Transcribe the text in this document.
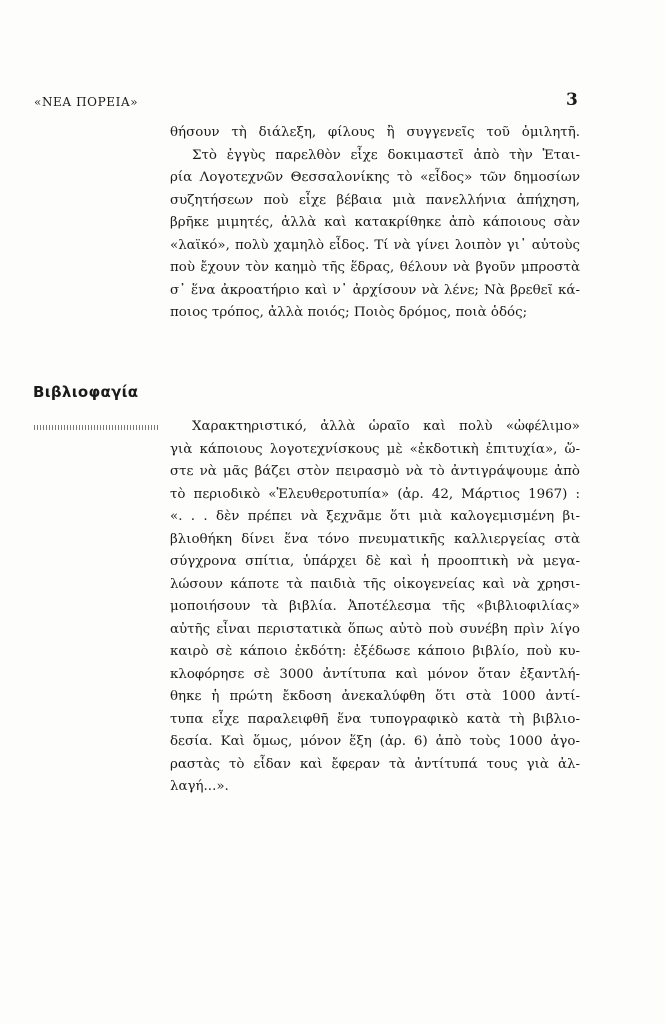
«ΝΕΑ ΠΟΡΕΙΑ»	3
θήσουν τὴ διάλεξη, φίλους ἢ συγγενεῖς τοῦ ὁμιλητῆ.
Στὸ ἐγγὺς παρελθὸν εἶχε δοκιμαστεῖ ἀπὸ τὴν Ἑται-
ρία Λογοτεχνῶν Θεσσαλονίκης τὸ «εἶδος» τῶν δημοσίων
συζητήσεων ποὺ εἶχε βέβαια μιὰ πανελλήνια ἀπήχηση,
βρῆκε μιμητές, ἀλλὰ καὶ κατακρίθηκε ἀπὸ κάποιους σὰν
«λαϊκό», πολὺ χαμηλὸ εἶδος. Τί νὰ γίνει λοιπὸν γι᾽ αὐτοὺς
ποὺ ἔχουν τὸν καημὸ τῆς ἕδρας, θέλουν νὰ βγοῦν μπροστὰ
σ᾽ ἕνα ἀκροατήριο καὶ ν᾽ ἀρχίσουν νὰ λένε; Νὰ βρεθεῖ κά-
ποιος τρόπος, ἀλλὰ ποιός; Ποιὸς δρόμος, ποιὰ ὁδός;
Βιβλιοφαγία
Χαρακτηριστικό, ἀλλὰ ὡραῖο καὶ πολὺ «ὠφέλιμο»
γιὰ κάποιους λογοτεχνίσκους μὲ «ἐκδοτικὴ ἐπιτυχία», ὥ-
στε νὰ μᾶς βάζει στὸν πειρασμὸ νὰ τὸ ἀντιγράψουμε ἀπὸ
τὸ περιοδικὸ «Ἐλευθεροτυπία» (ἀρ. 42, Μάρτιος 1967) :
«. . . δὲν πρέπει νὰ ξεχνᾶμε ὅτι μιὰ καλογεμισμένη βι-
βλιοθήκη δίνει ἕνα τόνο πνευματικῆς καλλιεργείας στὰ
σύγχρονα σπίτια, ὑπάρχει δὲ καὶ ἡ προοπτικὴ νὰ μεγα-
λώσουν κάποτε τὰ παιδιὰ τῆς οἰκογενείας καὶ νὰ χρησι-
μοποιήσουν τὰ βιβλία. Ἀποτέλεσμα τῆς «βιβλιοφιλίας»
αὐτῆς εἶναι περιστατικὰ ὅπως αὐτὸ ποὺ συνέβη πρὶν λίγο
καιρὸ σὲ κάποιο ἐκδότη: ἐξέδωσε κάποιο βιβλίο, ποὺ κυ-
κλοφόρησε σὲ 3000 ἀντίτυπα καὶ μόνον ὅταν ἐξαντλή-
θηκε ἡ πρώτη ἔκδοση ἀνεκαλύφθη ὅτι στὰ 1000 ἀντί-
τυπα εἶχε παραλειφθῆ ἕνα τυπογραφικὸ κατὰ τὴ βιβλιο-
δεσία. Καὶ ὅμως, μόνον ἕξη (ἀρ. 6) ἀπὸ τοὺς 1000 ἀγο-
ραστὰς τὸ εἶδαν καὶ ἔφεραν τὰ ἀντίτυπά τους γιὰ ἀλ-
λαγή...».
